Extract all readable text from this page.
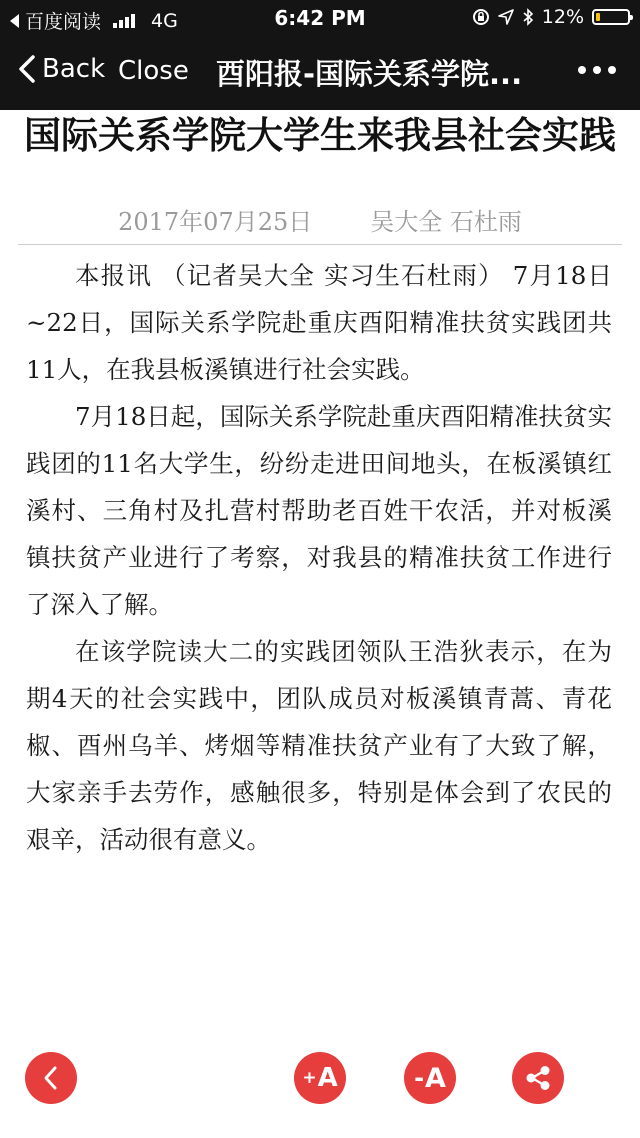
百度阅读	4G	6:42 PM	12%
Back Close 酉阳报-国际关系学院...
国际关系学院大学生来我县社会实践
2017年07月25日 吴大全 石杜雨

本报讯 （记者吴大全 实习生石杜雨） 7月18日~22日，国际关系学院赴重庆酉阳精准扶贫实践团共11人，在我县板溪镇进行社会实践。

7月18日起，国际关系学院赴重庆酉阳精准扶贫实践团的11名大学生，纷纷走进田间地头，在板溪镇红溪村、三角村及扎营村帮助老百姓干农活，并对板溪镇扶贫产业进行了考察，对我县的精准扶贫工作进行了深入了解。

在该学院读大二的实践团领队王浩狄表示，在为期4天的社会实践中，团队成员对板溪镇青蒿、青花椒、酉州乌羊、烤烟等精准扶贫产业有了大致了解，大家亲手去劳作，感触很多，特别是体会到了农民的艰辛，活动很有意义。

+ A	- A
